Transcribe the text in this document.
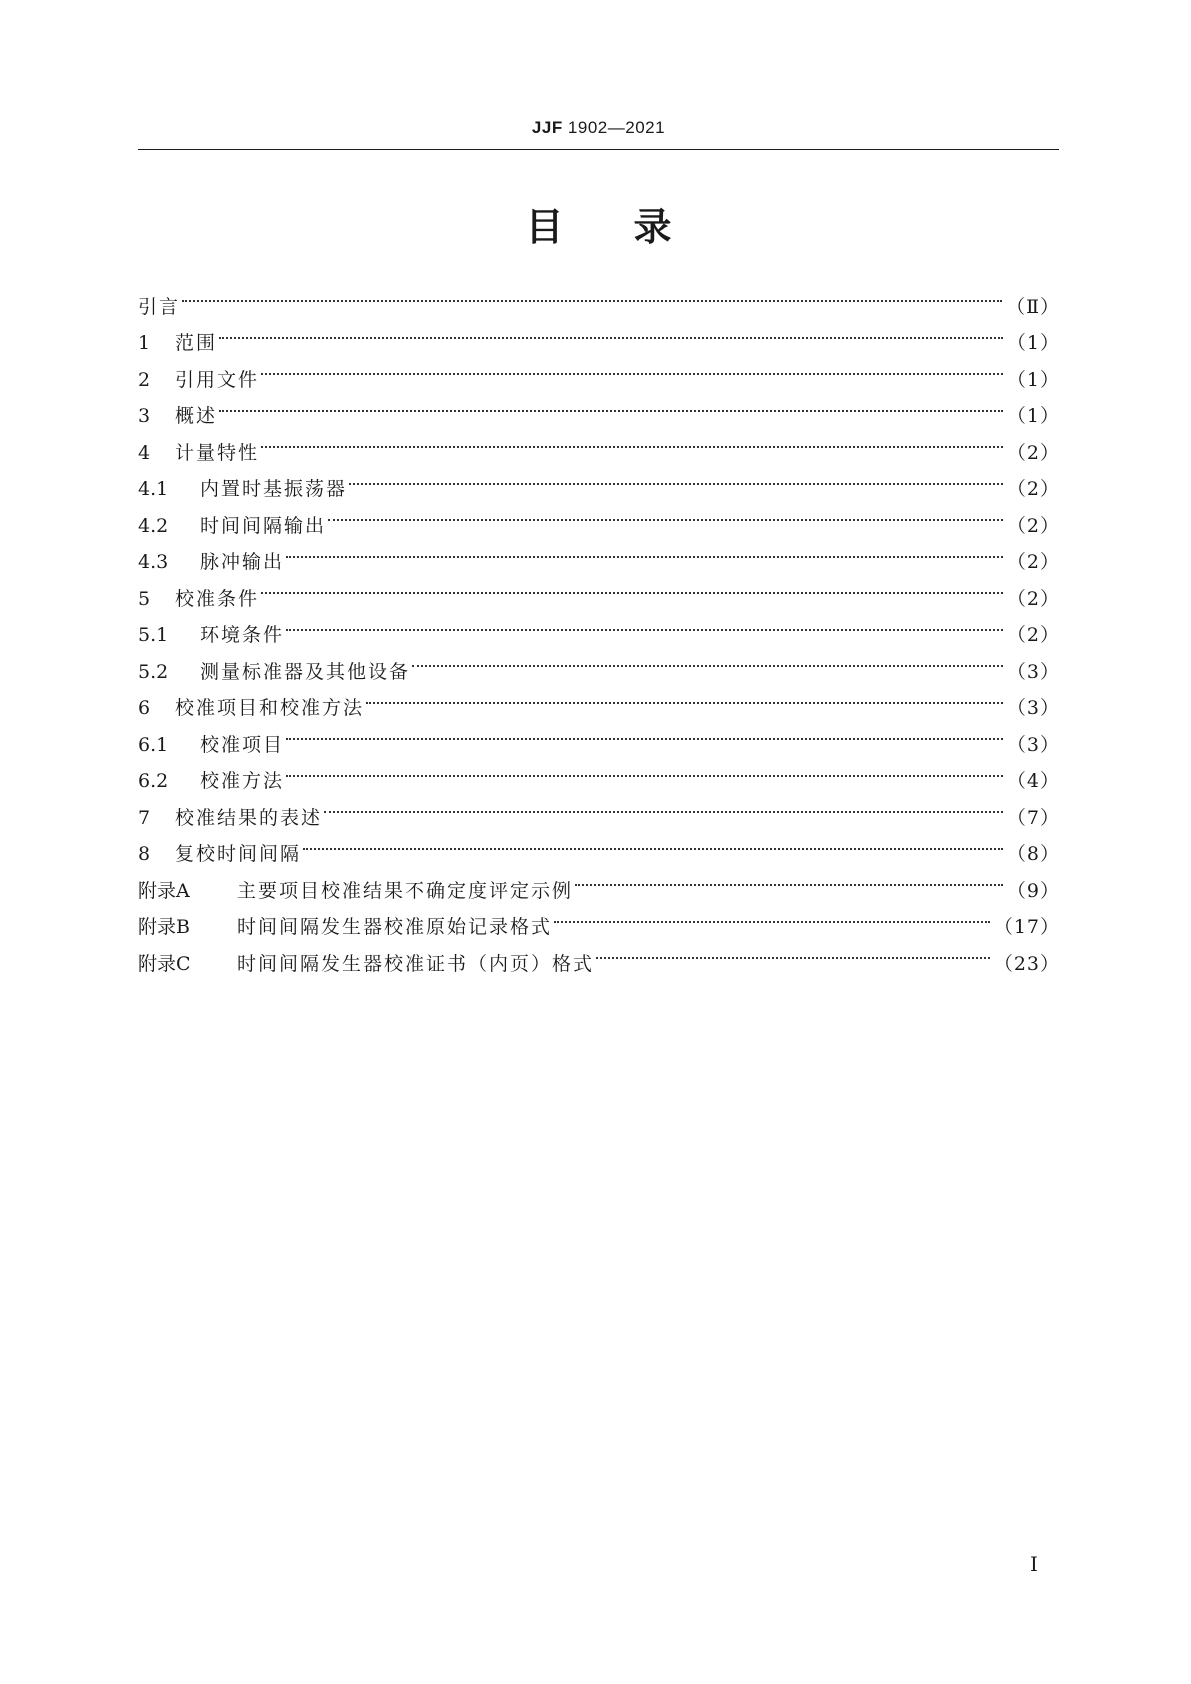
JJF 1902—2021
目录
引言	（Ⅱ）
1	范围	（1）
2	引用文件	（1）
3	概述	（1）
4	计量特性	（2）
4.1	内置时基振荡器	（2）
4.2	时间间隔输出	（2）
4.3	脉冲输出	（2）
5	校准条件	（2）
5.1	环境条件	（2）
5.2	测量标准器及其他设备	（3）
6	校准项目和校准方法	（3）
6.1	校准项目	（3）
6.2	校准方法	（4）
7	校准结果的表述	（7）
8	复校时间间隔	（8）
附录A	主要项目校准结果不确定度评定示例	（9）
附录B	时间间隔发生器校准原始记录格式	（17）
附录C	时间间隔发生器校准证书（内页）格式	（23）
Ⅰ
